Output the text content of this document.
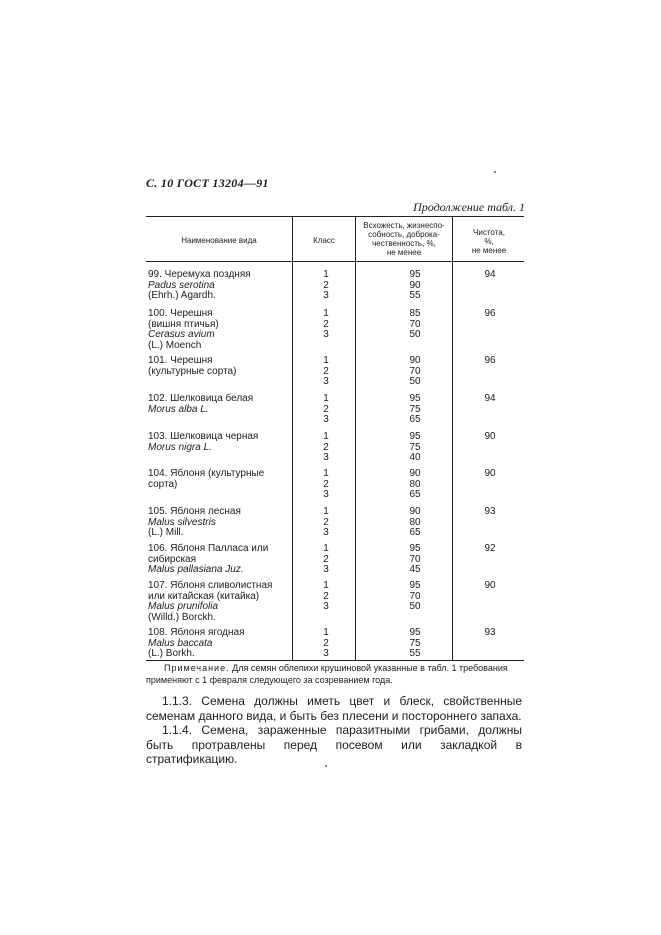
С. 10 ГОСТ 13204—91
Продолжение табл. 1
Наименование вида	Класс
Всхожесть, жизнеспо-
собность, доброка-
чественность, %,
не менее
Чистота,
%,
не менее
99. Черемуха поздняя
Padus serotina
(Ehrh.) Agardh.
1
2
3
95
90
55
94
100. Черешня
(вишня птичья)
Cerasus avium
(L.) Moench
1
2
3
85
70
50
96
101. Черешня
(культурные сорта)
1
2
3
90
70
50
96
102. Шелковица белая
Morus alba L.
1
2
3
95
75
65
94
103. Шелковица черная
Morus nigra L.
1
2
3
95
75
40
90
104. Яблоня (культурные
сорта)
1
2
3
90
80
65
90
105. Яблоня лесная
Malus silvestris
(L.) Mill.
1
2
3
90
80
65
93
106. Яблоня Палласа или
сибирская
Malus pallasiana Juz.
1
2
3
95
70
45
92
107. Яблоня сливолистная
или китайская (китайка)
Malus prunifolia
(Willd.) Borckh.
1
2
3
95
70
50
90
108. Яблоня ягодная
Malus baccata
(L.) Borkh.
1
2
3
95
75
55
93
Примечание. Для семян облепихи крушиновой указанные в табл. 1 требования применяют с 1 февраля следующего за созреванием года.
1.1.3. Семена должны иметь цвет и блеск, свойственные семенам данного вида, и быть без плесени и постороннего запаха.
1.1.4. Семена, зараженные паразитными грибами, должны быть протравлены перед посевом или закладкой в стратификацию.
